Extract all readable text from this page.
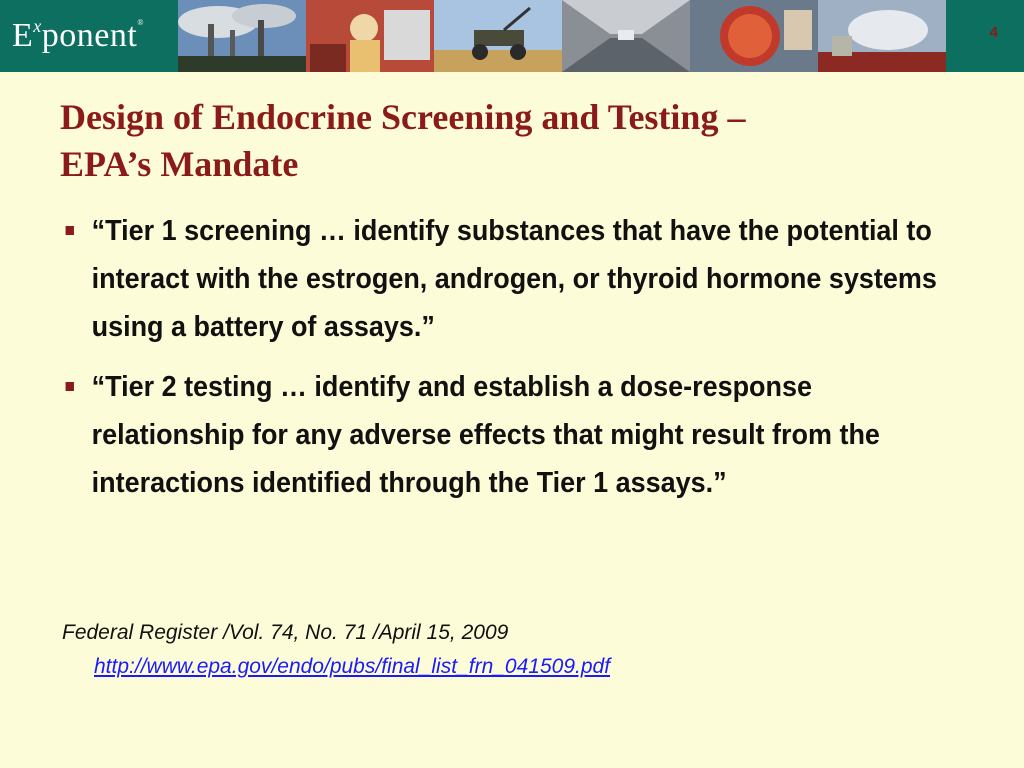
$E^xponent®$
4
Design of Endocrine Screening and Testing –
EPA’s Mandate
“Tier 1 screening … identify substances that have the potential to interact with the estrogen, androgen, or thyroid hormone systems using a battery of assays.”
“Tier 2 testing … identify and establish a dose-response relationship for any adverse effects that might result from the interactions identified through the Tier 1 assays.”
Federal Register /Vol. 74, No. 71 /April 15, 2009
http://www.epa.gov/endo/pubs/final_list_frn_041509.pdf
